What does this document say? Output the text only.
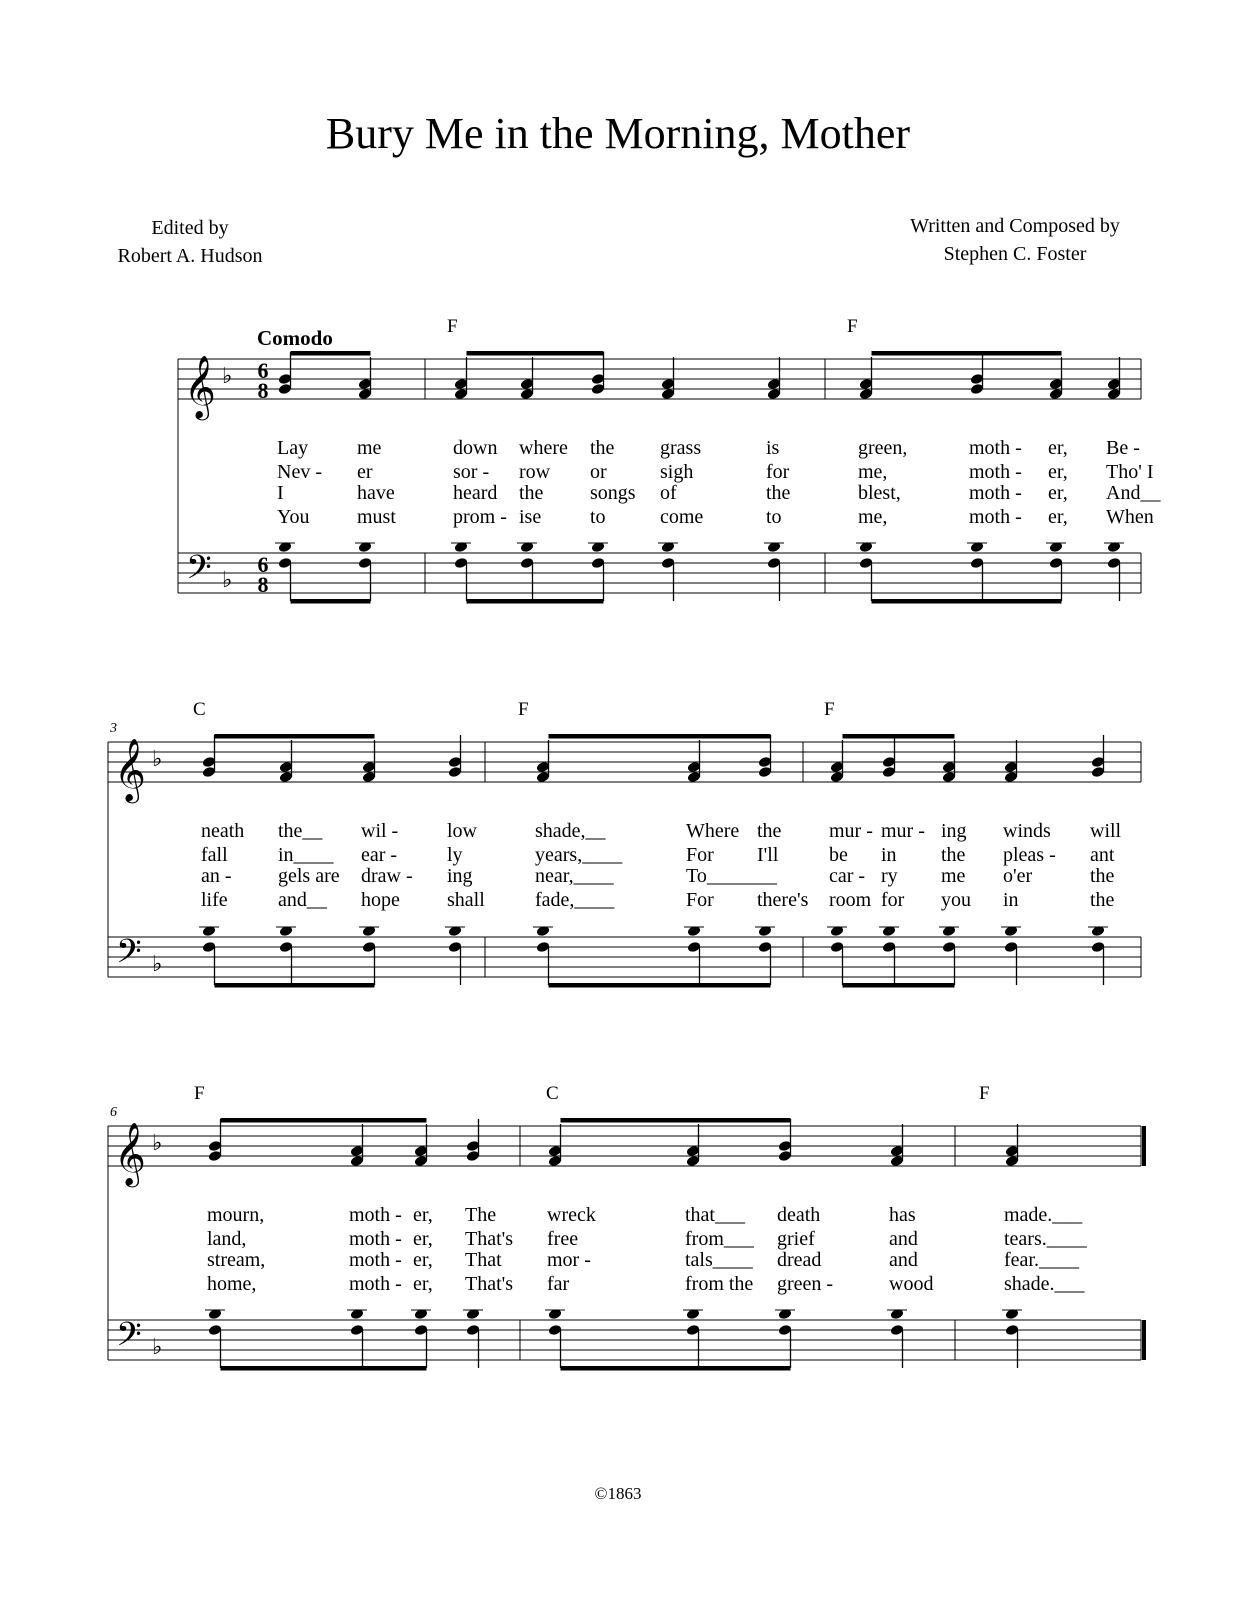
Bury Me in the Morning, Mother
Edited by
Robert A. Hudson
Written and Composed by
Stephen C. Foster
𝄞
𝄢
♭
♭
6
8
6
8
Comodo	F	F
Lay me
Nev - er
I	have
You must
down where the grass	is
sor - row or	sigh	for
heard the songs of	the
prom - ise to	come	to
green,	moth - er, Be -
me,	moth - er, Tho' I
blest,	moth - er, And__
me,	moth - er, When
𝄞
𝄢
♭
♭
3
C	F	F
neath the__ wil - low
fall	in____ ear - ly
an - gels are draw - ing
life	and__ hope shall
shade,__	Where the
years,____	For I'll
near,____	To_______
fade,____	For there's
mur - mur - ing winds will
be in the pleas - ant
car - ry me o'er	the
room for you in	the
𝄞
𝄢
♭
♭
6
F	C	F
mourn,	moth - er, The
land,	moth - er, That's
stream,	moth - er, That
home,	moth - er, That's
wreck	that___ death	has
free	from___ grief	and
mor -	tals____ dread	and
far	from the green -	wood
made.___
tears.____
fear.____
shade.___
©1863
